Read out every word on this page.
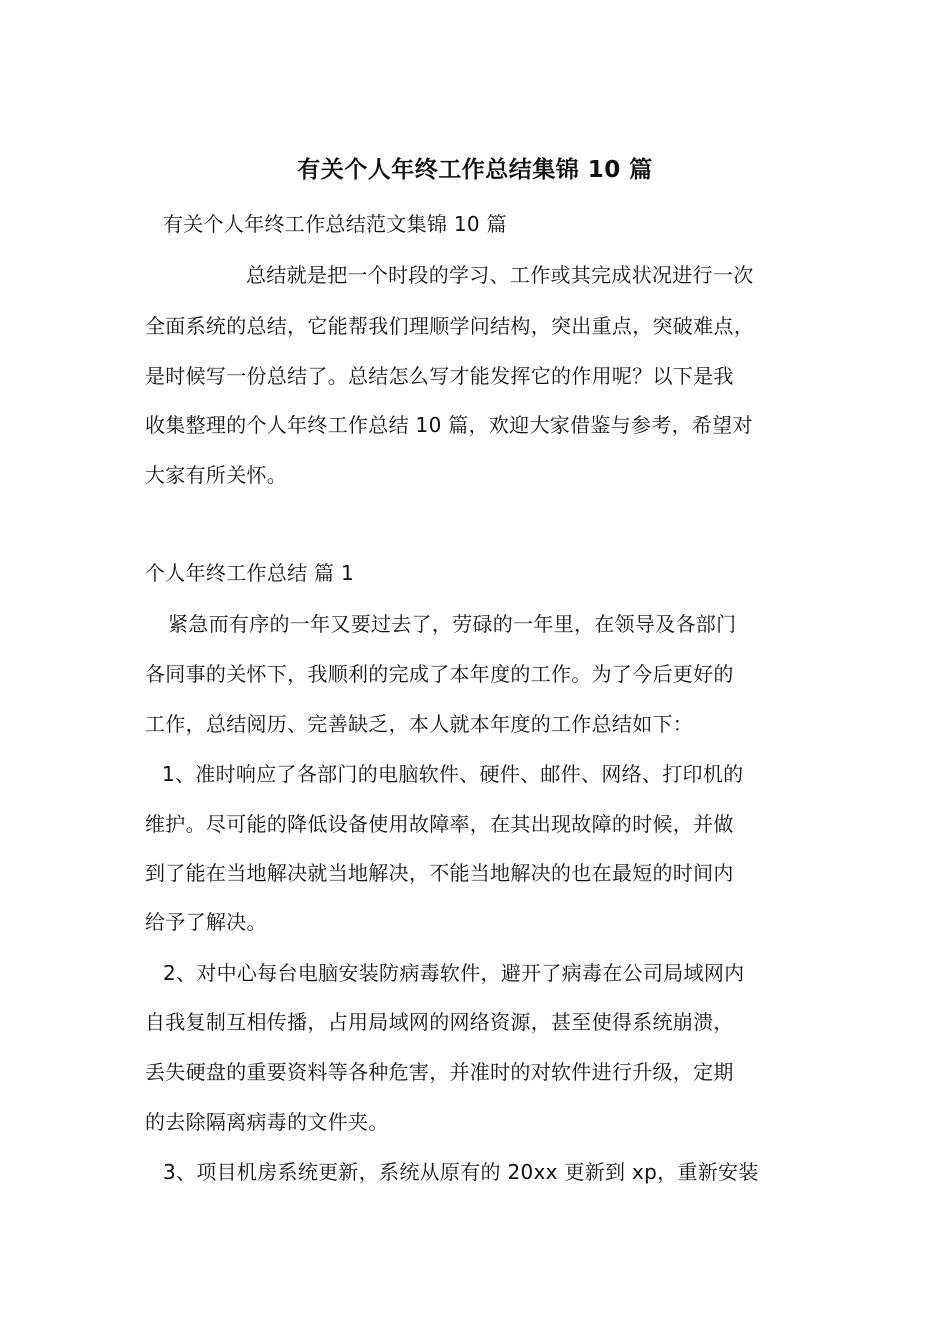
有关个人年终工作总结集锦 10 篇
有关个人年终工作总结范文集锦 10 篇
总结就是把一个时段的学习、工作或其完成状况进行一次
全面系统的总结，它能帮我们理顺学问结构，突出重点，突破难点，
是时候写一份总结了。总结怎么写才能发挥它的作用呢？以下是我
收集整理的个人年终工作总结 10 篇，欢迎大家借鉴与参考，希望对
大家有所关怀。
个人年终工作总结 篇 1
紧急而有序的一年又要过去了，劳碌的一年里，在领导及各部门
各同事的关怀下，我顺利的完成了本年度的工作。为了今后更好的
工作，总结阅历、完善缺乏，本人就本年度的工作总结如下：
1、准时响应了各部门的电脑软件、硬件、邮件、网络、打印机的
维护。尽可能的降低设备使用故障率，在其出现故障的时候，并做
到了能在当地解决就当地解决，不能当地解决的也在最短的时间内
给予了解决。
2、对中心每台电脑安装防病毒软件，避开了病毒在公司局域网内
自我复制互相传播，占用局域网的网络资源，甚至使得系统崩溃，
丢失硬盘的重要资料等各种危害，并准时的对软件进行升级，定期
的去除隔离病毒的文件夹。
3、项目机房系统更新，系统从原有的 20xx 更新到 xp，重新安装
